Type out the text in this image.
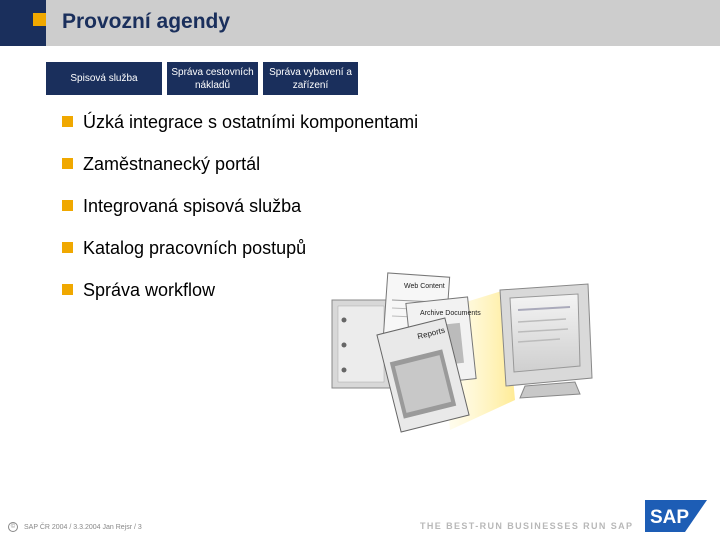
Provozní agendy
Spisová služba
Správa cestovních nákladů
Správa vybavení a zařízení
Úzká integrace s ostatními komponentami
Zaměstnanecký portál
Integrovaná spisová služba
Katalog pracovních postupů
Správa workflow	Web Content
Archive Documents
Reports
©	SAP ČR 2004 / 3.3.2004 Jan Rejsr / 3	THE BEST-RUN BUSINESSES RUN SAP SAP
